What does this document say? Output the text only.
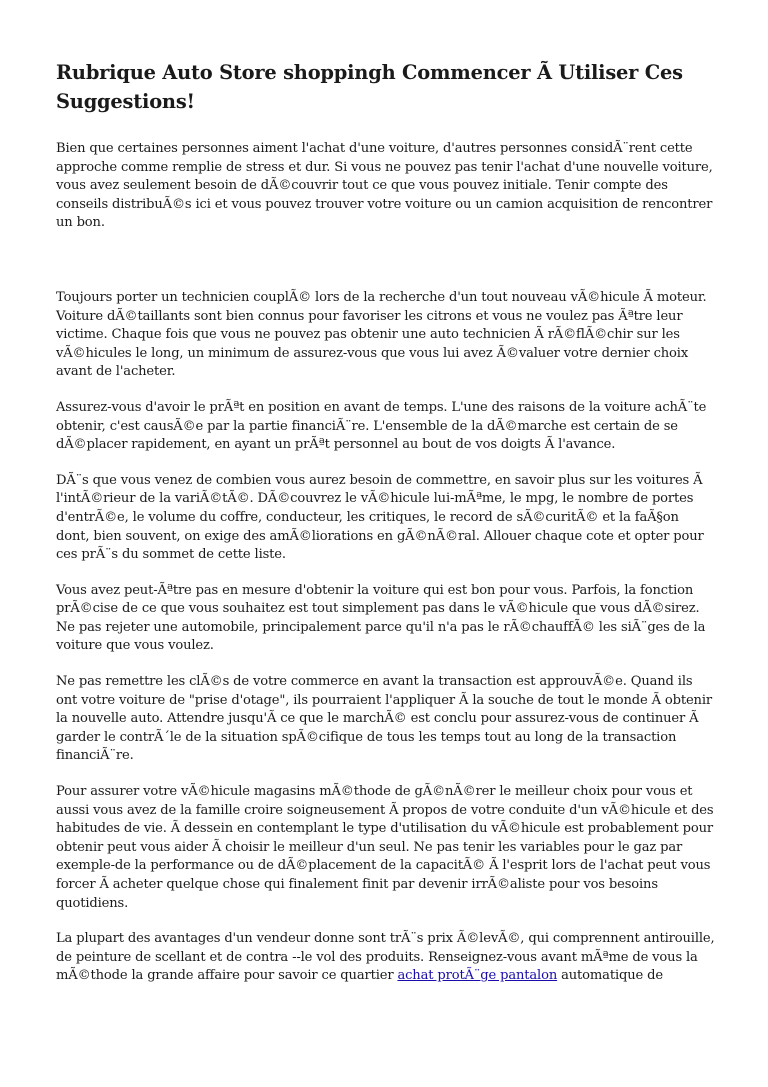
Rubrique Auto Store shoppingh Commencer Ã Utiliser Ces Suggestions!

Bien que certaines personnes aiment l'achat d'une voiture, d'autres personnes considÃ¨rent cette approche comme remplie de stress et dur. Si vous ne pouvez pas tenir l'achat d'une nouvelle voiture, vous avez seulement besoin de dÃ©couvrir tout ce que vous pouvez initiale. Tenir compte des conseils distribuÃ©s ici et vous pouvez trouver votre voiture ou un camion acquisition de rencontrer un bon.

Toujours porter un technicien couplÃ© lors de la recherche d'un tout nouveau vÃ©hicule Ã moteur. Voiture dÃ©taillants sont bien connus pour favoriser les citrons et vous ne voulez pas Ãªtre leur victime. Chaque fois que vous ne pouvez pas obtenir une auto technicien Ã rÃ©flÃ©chir sur les vÃ©hicules le long, un minimum de assurez-vous que vous lui avez Ã©valuer votre dernier choix avant de l'acheter.

Assurez-vous d'avoir le prÃªt en position en avant de temps. L'une des raisons de la voiture achÃ¨te obtenir, c'est causÃ©e par la partie financiÃ¨re. L'ensemble de la dÃ©marche est certain de se dÃ©placer rapidement, en ayant un prÃªt personnel au bout de vos doigts Ã l'avance.

DÃ¨s que vous venez de combien vous aurez besoin de commettre, en savoir plus sur les voitures Ã l'intÃ©rieur de la variÃ©tÃ©. DÃ©couvrez le vÃ©hicule lui-mÃªme, le mpg, le nombre de portes d'entrÃ©e, le volume du coffre, conducteur, les critiques, le record de sÃ©curitÃ© et la faÃ§on dont, bien souvent, on exige des amÃ©liorations en gÃ©nÃ©ral. Allouer chaque cote et opter pour ces prÃ¨s du sommet de cette liste.

Vous avez peut-Ãªtre pas en mesure d'obtenir la voiture qui est bon pour vous. Parfois, la fonction prÃ©cise de ce que vous souhaitez est tout simplement pas dans le vÃ©hicule que vous dÃ©sirez. Ne pas rejeter une automobile, principalement parce qu'il n'a pas le rÃ©chauffÃ© les siÃ¨ges de la voiture que vous voulez.

Ne pas remettre les clÃ©s de votre commerce en avant la transaction est approuvÃ©e. Quand ils ont votre voiture de "prise d'otage", ils pourraient l'appliquer Ã la souche de tout le monde Ã obtenir la nouvelle auto. Attendre jusqu'Ã ce que le marchÃ© est conclu pour assurez-vous de continuer Ã garder le contrÃ´le de la situation spÃ©cifique de tous les temps tout au long de la transaction financiÃ¨re.

Pour assurer votre vÃ©hicule magasins mÃ©thode de gÃ©nÃ©rer le meilleur choix pour vous et aussi vous avez de la famille croire soigneusement Ã propos de votre conduite d'un vÃ©hicule et des habitudes de vie. Ã dessein en contemplant le type d'utilisation du vÃ©hicule est probablement pour obtenir peut vous aider Ã choisir le meilleur d'un seul. Ne pas tenir les variables pour le gaz par exemple-de la performance ou de dÃ©placement de la capacitÃ© Ã l'esprit lors de l'achat peut vous forcer Ã acheter quelque chose qui finalement finit par devenir irrÃ©aliste pour vos besoins quotidiens.

La plupart des avantages d'un vendeur donne sont trÃ¨s prix Ã©levÃ©, qui comprennent antirouille, de peinture de scellant et de contra --le vol des produits. Renseignez-vous avant mÃªme de vous la mÃ©thode la grande affaire pour savoir ce quartier achat protÃ¨ge pantalon automatique de
